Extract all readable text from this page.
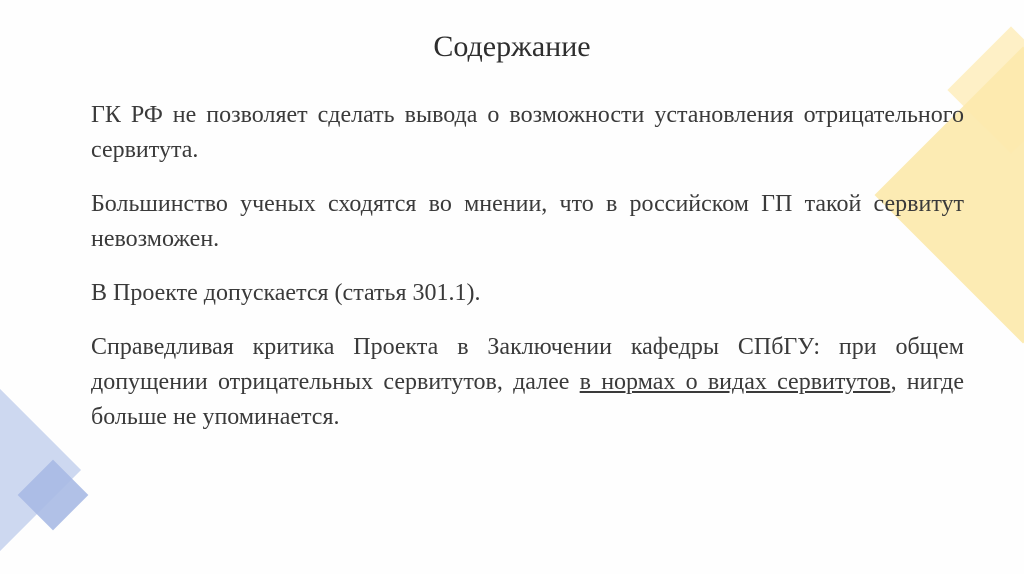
Содержание

ГК РФ не позволяет сделать вывода о возможности установления отрицательного сервитута.

Большинство ученых сходятся во мнении, что в российском ГП такой сервитут невозможен.

В Проекте допускается (статья 301.1).

Справедливая критика Проекта в Заключении кафедры СПбГУ: при общем допущении отрицательных сервитутов, далее в нормах о видах сервитутов, нигде больше не упоминается.
